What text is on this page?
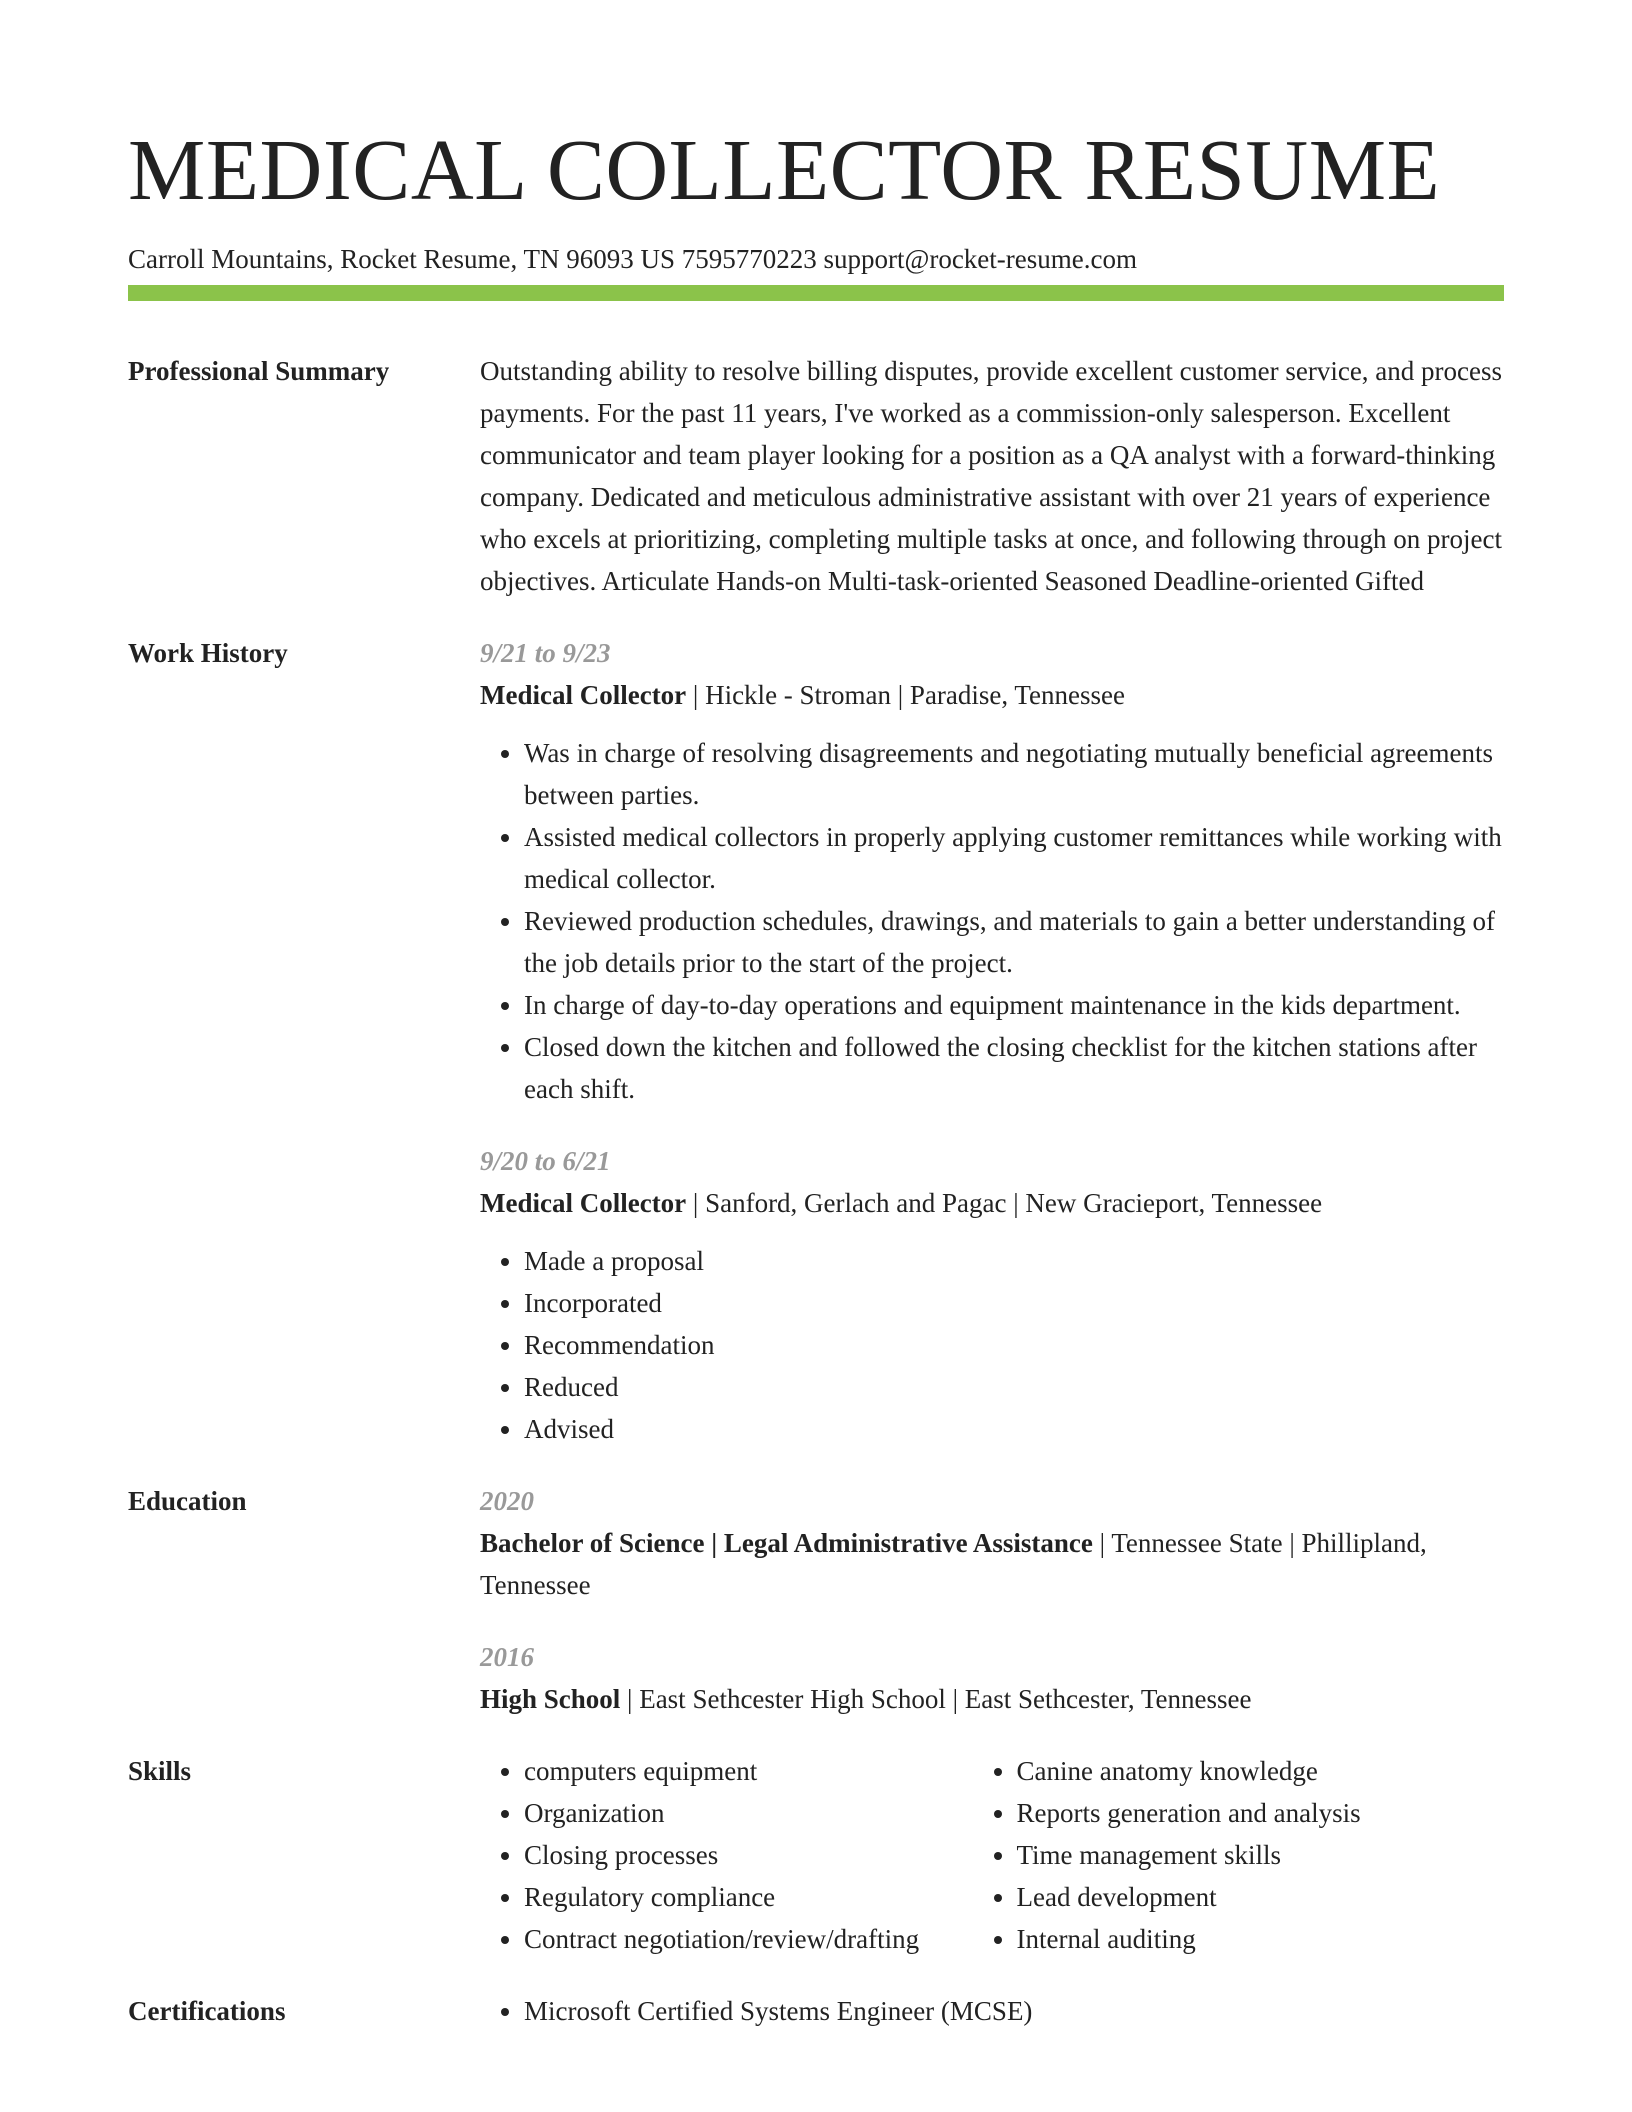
MEDICAL COLLECTOR RESUME
Carroll Mountains, Rocket Resume, TN 96093 US 7595770223 support@rocket-resume.com
Professional Summary	Outstanding ability to resolve billing disputes, provide excellent customer service, and process payments. For the past 11 years, I've worked as a commission-only salesperson. Excellent communicator and team player looking for a position as a QA analyst with a forward-thinking company. Dedicated and meticulous administrative assistant with over 21 years of experience who excels at prioritizing, completing multiple tasks at once, and following through on project objectives. Articulate Hands-on Multi-task-oriented Seasoned Deadline-oriented Gifted

Work History	9/21 to 9/23
Medical Collector | Hickle - Stroman | Paradise, Tennessee
• Was in charge of resolving disagreements and negotiating mutually beneficial agreements between parties.
• Assisted medical collectors in properly applying customer remittances while working with medical collector.
• Reviewed production schedules, drawings, and materials to gain a better understanding of the job details prior to the start of the project.
• In charge of day-to-day operations and equipment maintenance in the kids department.
• Closed down the kitchen and followed the closing checklist for the kitchen stations after each shift.
9/20 to 6/21
Medical Collector | Sanford, Gerlach and Pagac | New Gracieport, Tennessee
• Made a proposal
• Incorporated
• Recommendation
• Reduced
• Advised
Education	2020
Bachelor of Science | Legal Administrative Assistance | Tennessee State | Phillipland, Tennessee
2016
High School | East Sethcester High School | East Sethcester, Tennessee
Skills	• computers equipment
• Organization
• Closing processes
• Regulatory compliance
• Contract negotiation/review/drafting
• Canine anatomy knowledge
• Reports generation and analysis
• Time management skills
• Lead development
• Internal auditing
Certifications	• Microsoft Certified Systems Engineer (MCSE)
